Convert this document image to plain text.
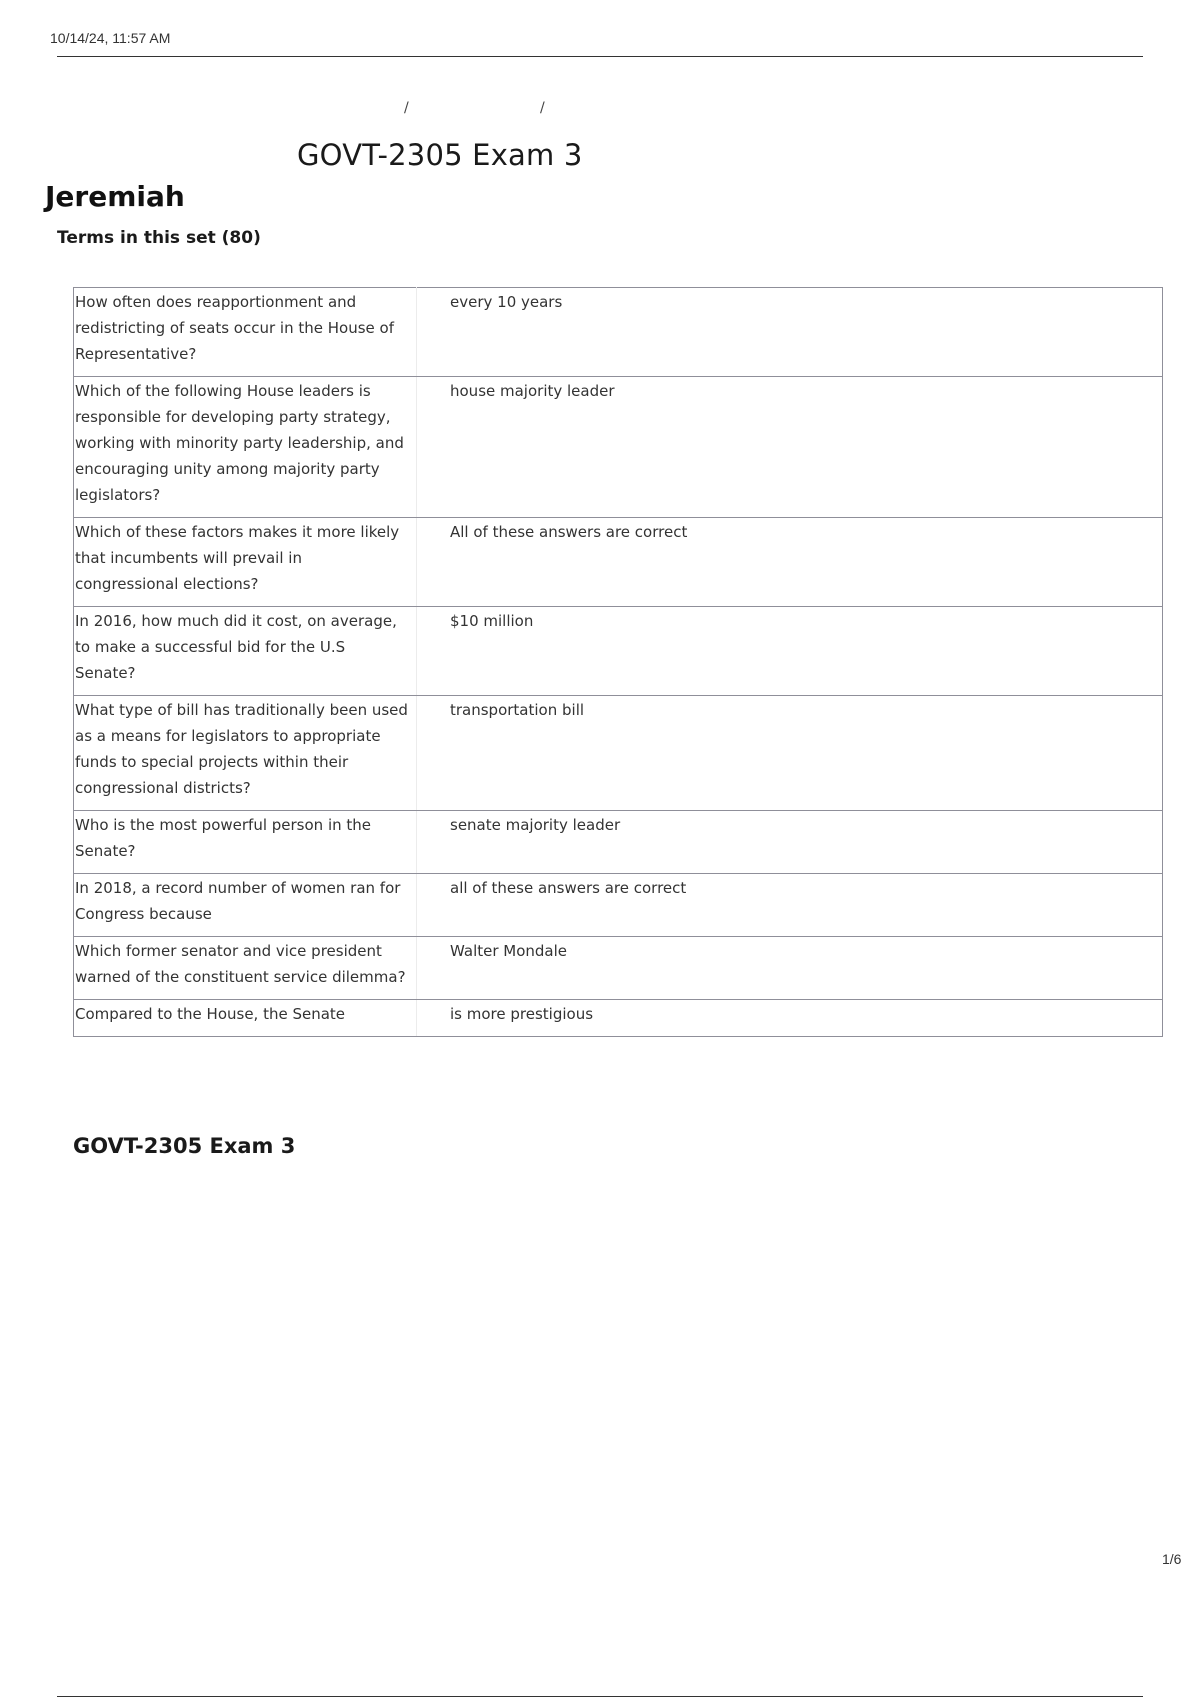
10/14/24, 11:57 AM
/	/
GOVT-2305 Exam 3
Jeremiah
Terms in this set (80)
How often does reapportionment and redistricting of seats occur in the House of Representative?	every 10 years
Which of the following House leaders is responsible for developing party strategy, working with minority party leadership, and encouraging unity among majority party legislators?	house majority leader
Which of these factors makes it more likely that incumbents will prevail in congressional elections?	All of these answers are correct
In 2016, how much did it cost, on average, to make a successful bid for the U.S Senate?	$10 million
What type of bill has traditionally been used as a means for legislators to appropriate funds to special projects within their congressional districts?	transportation bill
Who is the most powerful person in the Senate?	senate majority leader
In 2018, a record number of women ran for Congress because	all of these answers are correct
Which former senator and vice president warned of the constituent service dilemma?	Walter Mondale
Compared to the House, the Senate	is more prestigious
GOVT-2305 Exam 3
1/6
